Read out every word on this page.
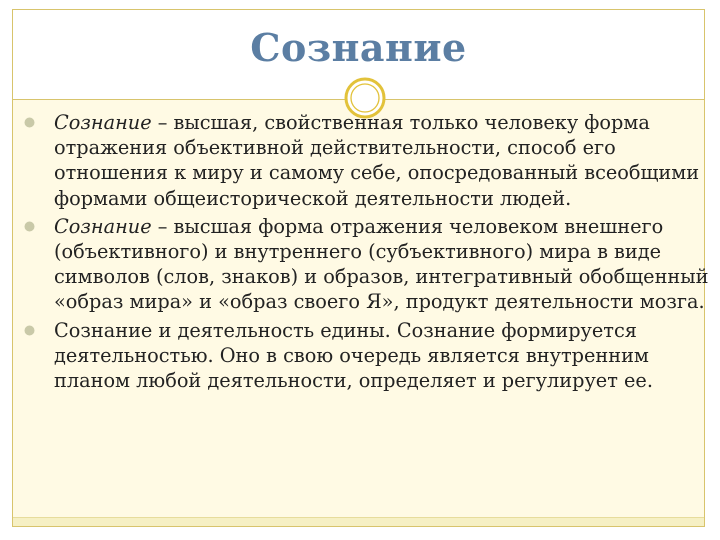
Сознание
Сознание – высшая, свойственная только человеку форма отражения объективной действительности, способ его отношения к миру и самому себе, опосредованный всеобщими формами общеисторической деятельности людей.
Сознание – высшая форма отражения человеком внешнего (объективного) и внутреннего (субъективного) мира в виде символов (слов, знаков) и образов, интегративный обобщенный «образ мира» и «образ своего Я», продукт деятельности мозга.
Сознание и деятельность едины. Сознание формируется деятельностью. Оно в свою очередь является внутренним планом любой деятельности, определяет и регулирует ее.
